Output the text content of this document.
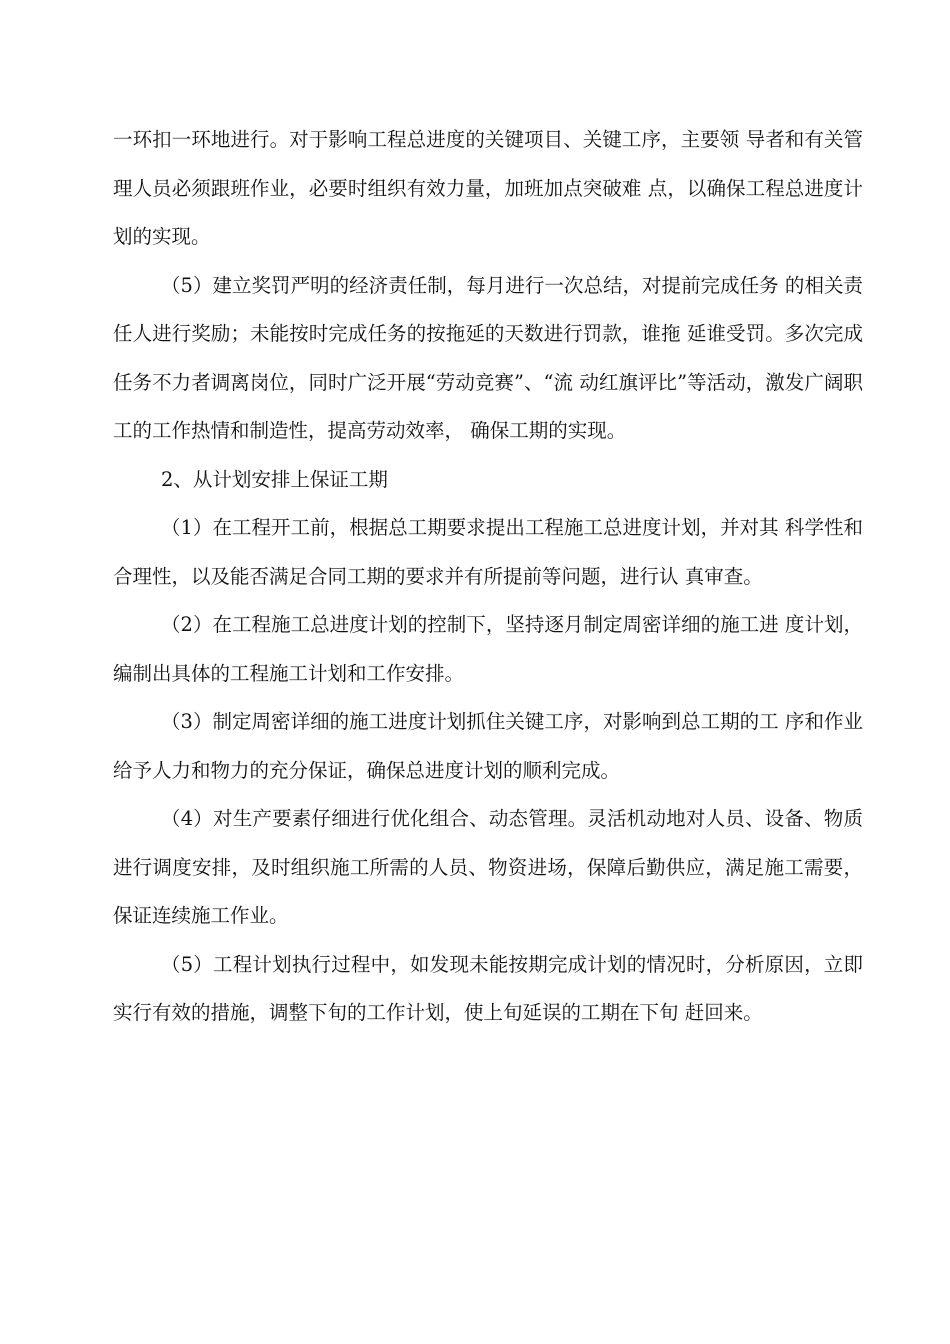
一环扣一环地进行。对于影响工程总进度的关键项目、关键工序，主要领 导者和有关管理人员必须跟班作业，必要时组织有效力量，加班加点突破难 点，以确保工程总进度计划的实现。

（5）建立奖罚严明的经济责任制，每月进行一次总结，对提前完成任务 的相关责任人进行奖励；未能按时完成任务的按拖延的天数进行罚款，谁拖 延谁受罚。多次完成任务不力者调离岗位，同时广泛开展“劳动竞赛”、“流 动红旗评比”等活动，激发广阔职工的工作热情和制造性，提高劳动效率， 确保工期的实现。

2、从计划安排上保证工期

（1）在工程开工前，根据总工期要求提出工程施工总进度计划，并对其 科学性和合理性，以及能否满足合同工期的要求并有所提前等问题，进行认 真审查。

（2）在工程施工总进度计划的控制下，坚持逐月制定周密详细的施工进 度计划，编制出具体的工程施工计划和工作安排。

（3）制定周密详细的施工进度计划抓住关键工序，对影响到总工期的工 序和作业给予人力和物力的充分保证，确保总进度计划的顺利完成。

（4）对生产要素仔细进行优化组合、动态管理。灵活机动地对人员、设备、物质进行调度安排，及时组织施工所需的人员、物资进场，保障后勤供应，满足施工需要，保证连续施工作业。

（5）工程计划执行过程中，如发现未能按期完成计划的情况时，分析原因，立即实行有效的措施，调整下旬的工作计划，使上旬延误的工期在下旬 赶回来。
